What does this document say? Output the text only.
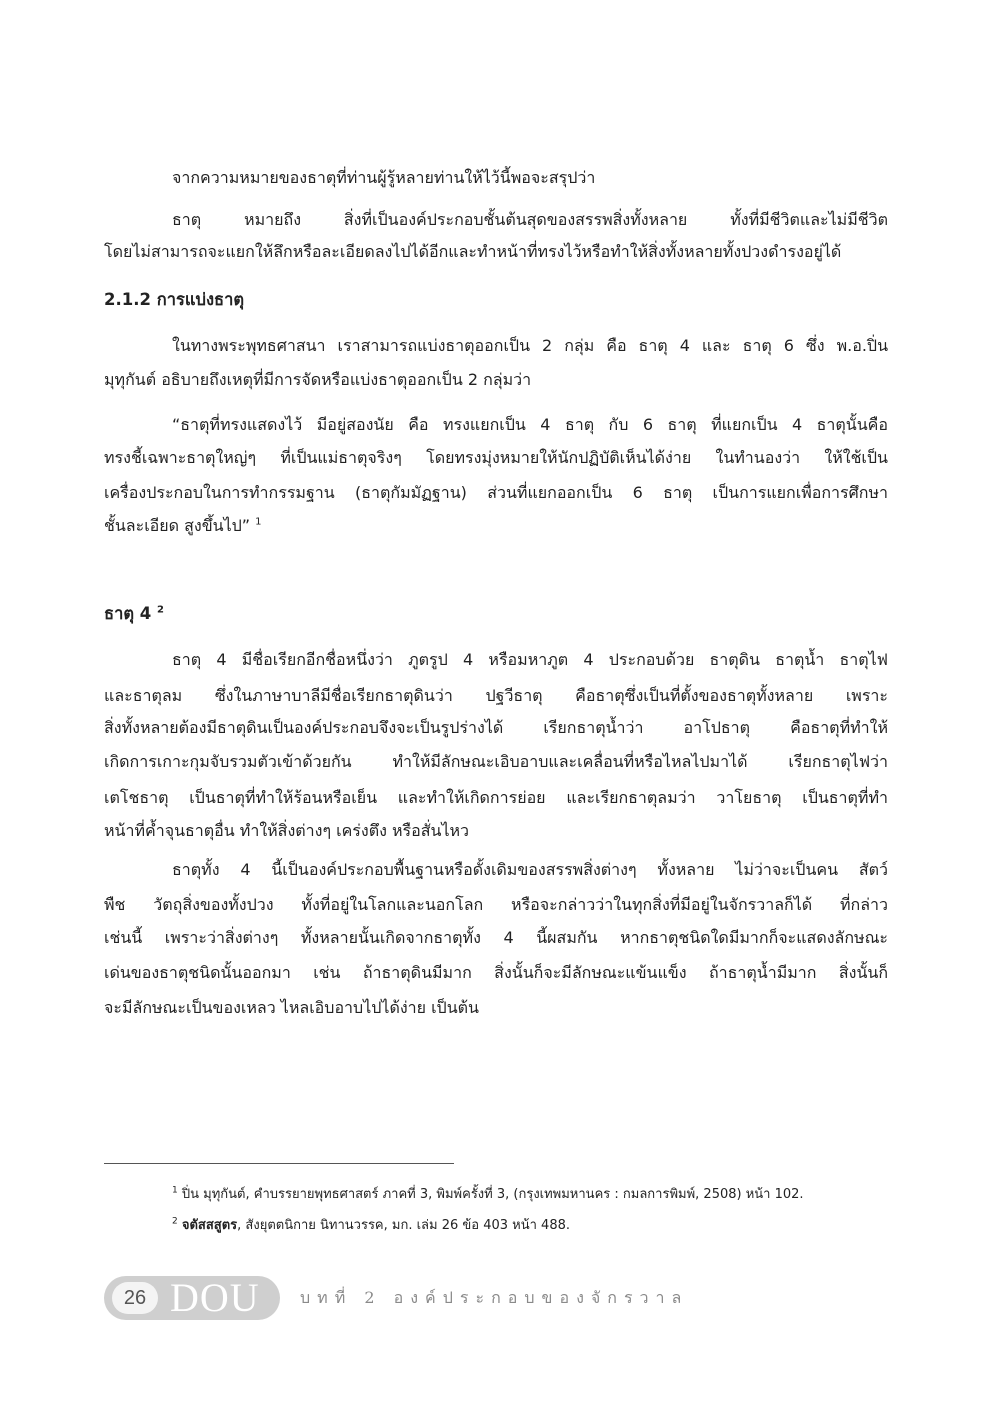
จากความหมายของธาตุที่ท่านผู้รู้หลายท่านให้ไว้นี้พอจะสรุปว่า
ธาตุ หมายถึง สิ่งที่เป็นองค์ประกอบชั้นต้นสุดของสรรพสิ่งทั้งหลาย ทั้งที่มีชีวิตและไม่มีชีวิต
โดยไม่สามารถจะแยกให้ลึกหรือละเอียดลงไปได้อีกและทำหน้าที่ทรงไว้หรือทำให้สิ่งทั้งหลายทั้งปวงดำรงอยู่ได้
2.1.2 การแบ่งธาตุ
ในทางพระพุทธศาสนา เราสามารถแบ่งธาตุออกเป็น 2 กลุ่ม คือ ธาตุ 4 และ ธาตุ 6 ซึ่ง พ.อ.ปิ่น
มุทุกันต์ อธิบายถึงเหตุที่มีการจัดหรือแบ่งธาตุออกเป็น 2 กลุ่มว่า
“ธาตุที่ทรงแสดงไว้ มีอยู่สองนัย คือ ทรงแยกเป็น 4 ธาตุ กับ 6 ธาตุ ที่แยกเป็น 4 ธาตุนั้นคือ
ทรงชี้เฉพาะธาตุใหญ่ๆ ที่เป็นแม่ธาตุจริงๆ โดยทรงมุ่งหมายให้นักปฏิบัติเห็นได้ง่าย ในทำนองว่า ให้ใช้เป็น
เครื่องประกอบในการทำกรรมฐาน (ธาตุกัมมัฏฐาน) ส่วนที่แยกออกเป็น 6 ธาตุ เป็นการแยกเพื่อการศึกษา
ชั้นละเอียด สูงขึ้นไป” $^1$
ธาตุ 4 $^2$
ธาตุ 4 มีชื่อเรียกอีกชื่อหนึ่งว่า ภูตรูป 4 หรือมหาภูต 4 ประกอบด้วย ธาตุดิน ธาตุน้ำ ธาตุไฟ
และธาตุลม ซึ่งในภาษาบาลีมีชื่อเรียกธาตุดินว่า ปฐวีธาตุ คือธาตุซึ่งเป็นที่ตั้งของธาตุทั้งหลาย เพราะ
สิ่งทั้งหลายต้องมีธาตุดินเป็นองค์ประกอบจึงจะเป็นรูปร่างได้ เรียกธาตุน้ำว่า อาโปธาตุ คือธาตุที่ทำให้
เกิดการเกาะกุมจับรวมตัวเข้าด้วยกัน ทำให้มีลักษณะเอิบอาบและเคลื่อนที่หรือไหลไปมาได้ เรียกธาตุไฟว่า
เตโชธาตุ เป็นธาตุที่ทำให้ร้อนหรือเย็น และทำให้เกิดการย่อย และเรียกธาตุลมว่า วาโยธาตุ เป็นธาตุที่ทำ
หน้าที่ค้ำจุนธาตุอื่น ทำให้สิ่งต่างๆ เคร่งตึง หรือสั่นไหว
ธาตุทั้ง 4 นี้เป็นองค์ประกอบพื้นฐานหรือดั้งเดิมของสรรพสิ่งต่างๆ ทั้งหลาย ไม่ว่าจะเป็นคน สัตว์
พืช วัตถุสิ่งของทั้งปวง ทั้งที่อยู่ในโลกและนอกโลก หรือจะกล่าวว่าในทุกสิ่งที่มีอยู่ในจักรวาลก็ได้ ที่กล่าว
เช่นนี้ เพราะว่าสิ่งต่างๆ ทั้งหลายนั้นเกิดจากธาตุทั้ง 4 นี้ผสมกัน หากธาตุชนิดใดมีมากก็จะแสดงลักษณะ
เด่นของธาตุชนิดนั้นออกมา เช่น ถ้าธาตุดินมีมาก สิ่งนั้นก็จะมีลักษณะแข้นแข็ง ถ้าธาตุน้ำมีมาก สิ่งนั้นก็
จะมีลักษณะเป็นของเหลว ไหลเอิบอาบไปได้ง่าย เป็นต้น
$^1$ ปิ่น มุทุกันต์, คำบรรยายพุทธศาสตร์ ภาคที่ 3, พิมพ์ครั้งที่ 3, (กรุงเทพมหานคร : กมลการพิมพ์, 2508) หน้า 102.
$^2$ จตัสสสูตร, สังยุตตนิกาย นิทานวรรค, มก. เล่ม 26 ข้อ 403 หน้า 488.
26 DOU	บทที่ 2 องค์ประกอบของจักรวาล
